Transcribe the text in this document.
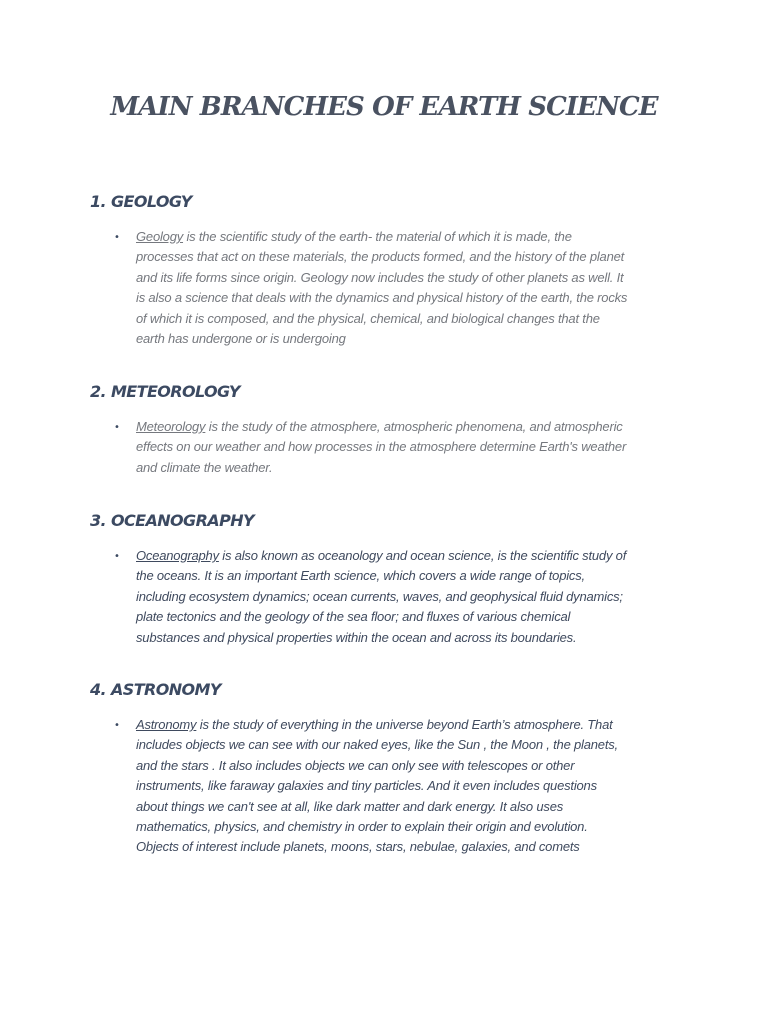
MAIN BRANCHES OF EARTH SCIENCE
1. GEOLOGY
• Geology is the scientific study of the earth- the material of which it is made, the
processes that act on these materials, the products formed, and the history of the planet
and its life forms since origin. Geology now includes the study of other planets as well. It
is also a science that deals with the dynamics and physical history of the earth, the rocks
of which it is composed, and the physical, chemical, and biological changes that the
earth has undergone or is undergoing

2. METEOROLOGY
• Meteorology is the study of the atmosphere, atmospheric phenomena, and atmospheric
effects on our weather and how processes in the atmosphere determine Earth's weather
and climate the weather.

3. OCEANOGRAPHY
• Oceanography is also known as oceanology and ocean science, is the scientific study of
the oceans. It is an important Earth science, which covers a wide range of topics,
including ecosystem dynamics; ocean currents, waves, and geophysical fluid dynamics;
plate tectonics and the geology of the sea floor; and fluxes of various chemical
substances and physical properties within the ocean and across its boundaries.

4. ASTRONOMY
• Astronomy is the study of everything in the universe beyond Earth’s atmosphere. That
includes objects we can see with our naked eyes, like the Sun , the Moon , the planets,
and the stars . It also includes objects we can only see with telescopes or other
instruments, like faraway galaxies and tiny particles. And it even includes questions
about things we can't see at all, like dark matter and dark energy. It also uses
mathematics, physics, and chemistry in order to explain their origin and evolution.
Objects of interest include planets, moons, stars, nebulae, galaxies, and comets
